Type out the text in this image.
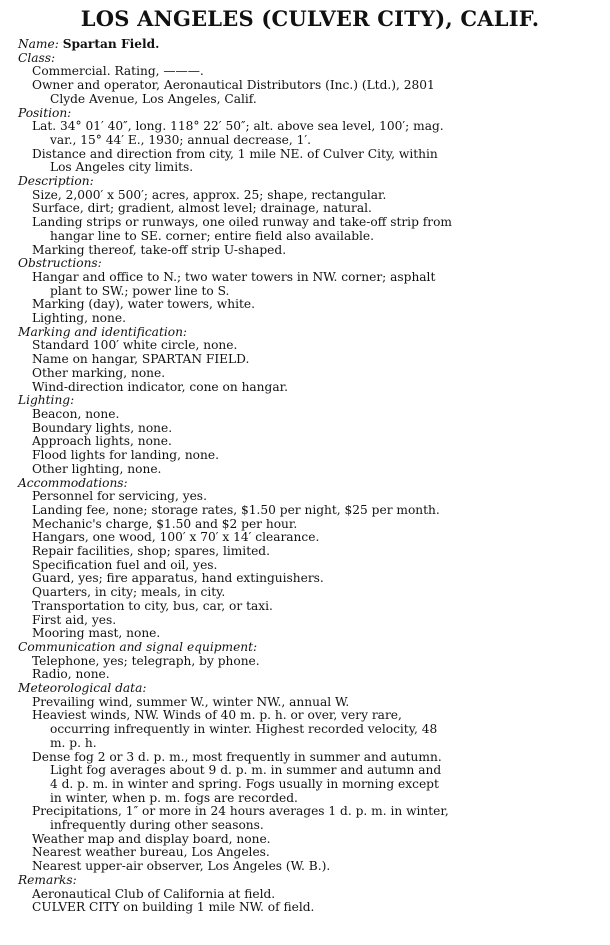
LOS ANGELES (CULVER CITY), CALIF.
Name: Spartan Field.
Class:
Commercial. Rating, ———.
Owner and operator, Aeronautical Distributors (Inc.) (Ltd.), 2801
Clyde Avenue, Los Angeles, Calif.
Position:
Lat. 34° 01′ 40″, long. 118° 22′ 50″; alt. above sea level, 100′; mag.
var., 15° 44′ E., 1930; annual decrease, 1′.
Distance and direction from city, 1 mile NE. of Culver City, within
Los Angeles city limits.
Description:
Size, 2,000′ x 500′; acres, approx. 25; shape, rectangular.
Surface, dirt; gradient, almost level; drainage, natural.
Landing strips or runways, one oiled runway and take-off strip from
hangar line to SE. corner; entire field also available.
Marking thereof, take-off strip U-shaped.
Obstructions:
Hangar and office to N.; two water towers in NW. corner; asphalt
plant to SW.; power line to S.
Marking (day), water towers, white.
Lighting, none.
Marking and identification:
Standard 100′ white circle, none.
Name on hangar, SPARTAN FIELD.
Other marking, none.
Wind-direction indicator, cone on hangar.
Lighting:
Beacon, none.
Boundary lights, none.
Approach lights, none.
Flood lights for landing, none.
Other lighting, none.
Accommodations:
Personnel for servicing, yes.
Landing fee, none; storage rates, $1.50 per night, $25 per month.
Mechanic's charge, $1.50 and $2 per hour.
Hangars, one wood, 100′ x 70′ x 14′ clearance.
Repair facilities, shop; spares, limited.
Specification fuel and oil, yes.
Guard, yes; fire apparatus, hand extinguishers.
Quarters, in city; meals, in city.
Transportation to city, bus, car, or taxi.
First aid, yes.
Mooring mast, none.
Communication and signal equipment:
Telephone, yes; telegraph, by phone.
Radio, none.
Meteorological data:
Prevailing wind, summer W., winter NW., annual W.
Heaviest winds, NW. Winds of 40 m. p. h. or over, very rare,
occurring infrequently in winter. Highest recorded velocity, 48
m. p. h.
Dense fog 2 or 3 d. p. m., most frequently in summer and autumn.
Light fog averages about 9 d. p. m. in summer and autumn and
4 d. p. m. in winter and spring. Fogs usually in morning except
in winter, when p. m. fogs are recorded.
Precipitations, 1″ or more in 24 hours averages 1 d. p. m. in winter,
infrequently during other seasons.
Weather map and display board, none.
Nearest weather bureau, Los Angeles.
Nearest upper-air observer, Los Angeles (W. B.).
Remarks:
Aeronautical Club of California at field.
CULVER CITY on building 1 mile NW. of field.
